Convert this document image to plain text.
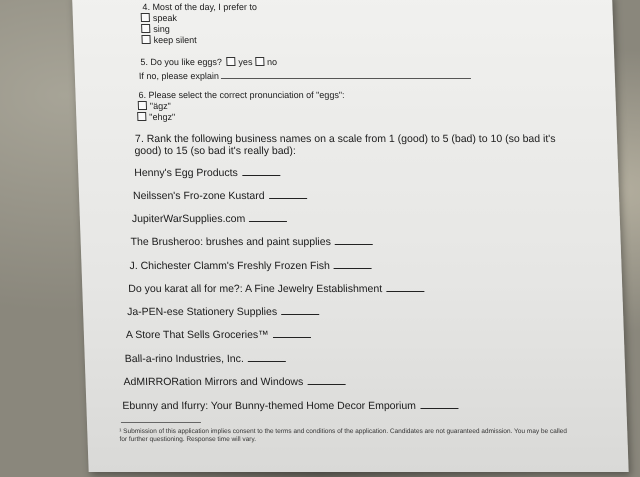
4. Most of the day, I prefer to
speak
sing
keep silent
5. Do you like eggs? yes no
If no, please explain
6. Please select the correct pronunciation of "eggs":
"ägz"
"ehgz"
7. Rank the following business names on a scale from 1 (good) to 5 (bad) to 10 (so bad it's
good) to 15 (so bad it's really bad):
Henny's Egg Products
Neilssen's Fro-zone Kustard
JupiterWarSupplies.com
The Brusheroo: brushes and paint supplies
J. Chichester Clamm's Freshly Frozen Fish
Do you karat all for me?: A Fine Jewelry Establishment
Ja-PEN-ese Stationery Supplies
A Store That Sells Groceries™
Ball-a-rino Industries, Inc.
AdMIRRORation Mirrors and Windows
Ebunny and Ifurry: Your Bunny-themed Home Decor Emporium
¹ Submission of this application implies consent to the terms and conditions of the application. Candidates are not guaranteed admission. You may be called for further questioning. Response time will vary.
